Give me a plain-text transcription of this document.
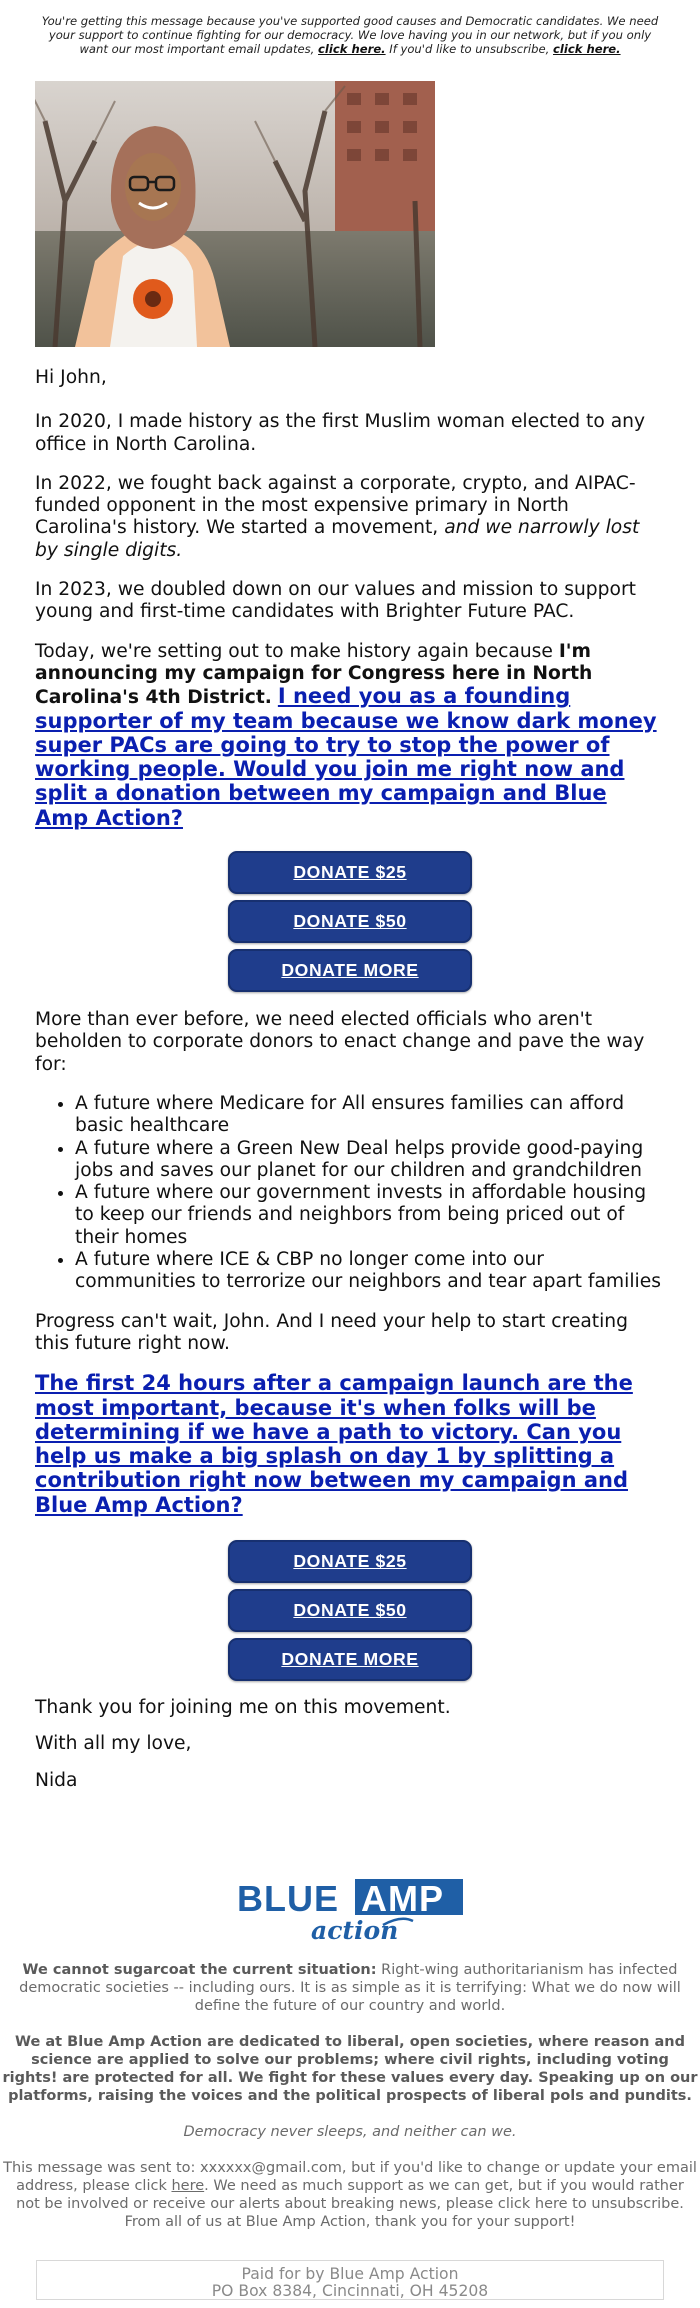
You're getting this message because you've supported good causes and Democratic candidates. We need your support to continue fighting for our democracy. We love having you in our network, but if you only want our most important email updates, click here. If you'd like to unsubscribe, click here.

Hi John,

In 2020, I made history as the first Muslim woman elected to any office in North Carolina.

In 2022, we fought back against a corporate, crypto, and AIPAC-funded opponent in the most expensive primary in North Carolina's history. We started a movement, and we narrowly lost by single digits.

In 2023, we doubled down on our values and mission to support young and first-time candidates with Brighter Future PAC.

Today, we're setting out to make history again because I'm announcing my campaign for Congress here in North Carolina's 4th District. I need you as a founding supporter of my team because we know dark money super PACs are going to try to stop the power of working people. Would you join me right now and split a donation between my campaign and Blue Amp Action?

DONATE $25
DONATE $50
DONATE MORE

More than ever before, we need elected officials who aren't beholden to corporate donors to enact change and pave the way for:

• A future where Medicare for All ensures families can afford basic healthcare
• A future where a Green New Deal helps provide good-paying jobs and saves our planet for our children and grandchildren
• A future where our government invests in affordable housing to keep our friends and neighbors from being priced out of their homes
• A future where ICE & CBP no longer come into our communities to terrorize our neighbors and tear apart families

Progress can't wait, John. And I need your help to start creating this future right now.

The first 24 hours after a campaign launch are the most important, because it's when folks will be determining if we have a path to victory. Can you help us make a big splash on day 1 by splitting a contribution right now between my campaign and Blue Amp Action?

DONATE $25
DONATE $50
DONATE MORE

Thank you for joining me on this movement.

With all my love,

Nida

BLUE AMP
action

We cannot sugarcoat the current situation: Right-wing authoritarianism has infected democratic societies -- including ours. It is as simple as it is terrifying: What we do now will define the future of our country and world.

We at Blue Amp Action are dedicated to liberal, open societies, where reason and science are applied to solve our problems; where civil rights, including voting rights! are protected for all. We fight for these values every day. Speaking up on our platforms, raising the voices and the political prospects of liberal pols and pundits.

Democracy never sleeps, and neither can we.

This message was sent to: xxxxxx@gmail.com, but if you'd like to change or update your email address, please click here. We need as much support as we can get, but if you would rather not be involved or receive our alerts about breaking news, please click here to unsubscribe. From all of us at Blue Amp Action, thank you for your support!

Paid for by Blue Amp Action
PO Box 8384, Cincinnati, OH 45208
